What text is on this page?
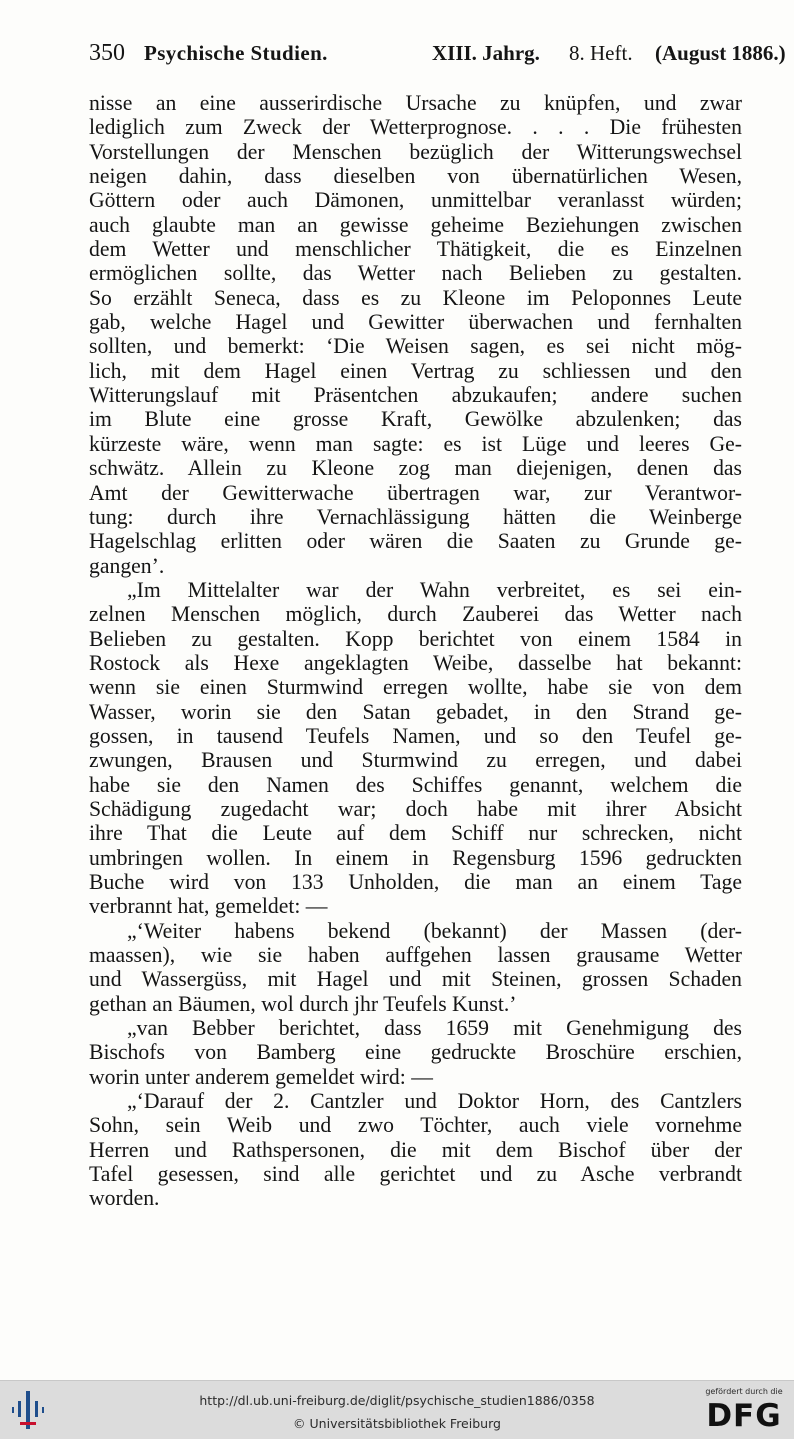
350 Psychische Studien.	XIII. Jahrg. 8. Heft. (August 1886.)
nisse an eine ausserirdische Ursache zu knüpfen, und zwar
lediglich zum Zweck der Wetterprognose. . . . Die frühesten
Vorstellungen der Menschen bezüglich der Witterungswechsel
neigen dahin, dass dieselben von übernatürlichen Wesen,
Göttern oder auch Dämonen, unmittelbar veranlasst würden;
auch glaubte man an gewisse geheime Beziehungen zwischen
dem Wetter und menschlicher Thätigkeit, die es Einzelnen
ermöglichen sollte, das Wetter nach Belieben zu gestalten.
So erzählt Seneca, dass es zu Kleone im Peloponnes Leute
gab, welche Hagel und Gewitter überwachen und fernhalten
sollten, und bemerkt: ‘Die Weisen sagen, es sei nicht mög-
lich, mit dem Hagel einen Vertrag zu schliessen und den
Witterungslauf mit Präsentchen abzukaufen; andere suchen
im Blute eine grosse Kraft, Gewölke abzulenken; das
kürzeste wäre, wenn man sagte: es ist Lüge und leeres Ge-
schwätz. Allein zu Kleone zog man diejenigen, denen das
Amt der Gewitterwache übertragen war, zur Verantwor-
tung: durch ihre Vernachlässigung hätten die Weinberge
Hagelschlag erlitten oder wären die Saaten zu Grunde ge-
gangen’.
„Im Mittelalter war der Wahn verbreitet, es sei ein-
zelnen Menschen möglich, durch Zauberei das Wetter nach
Belieben zu gestalten. Kopp berichtet von einem 1584 in
Rostock als Hexe angeklagten Weibe, dasselbe hat bekannt:
wenn sie einen Sturmwind erregen wollte, habe sie von dem
Wasser, worin sie den Satan gebadet, in den Strand ge-
gossen, in tausend Teufels Namen, und so den Teufel ge-
zwungen, Brausen und Sturmwind zu erregen, und dabei
habe sie den Namen des Schiffes genannt, welchem die
Schädigung zugedacht war; doch habe mit ihrer Absicht
ihre That die Leute auf dem Schiff nur schrecken, nicht
umbringen wollen. In einem in Regensburg 1596 gedruckten
Buche wird von 133 Unholden, die man an einem Tage
verbrannt hat, gemeldet: —
„‘Weiter habens bekend (bekannt) der Massen (der-
maassen), wie sie haben auffgehen lassen grausame Wetter
und Wassergüss, mit Hagel und mit Steinen, grossen Schaden
gethan an Bäumen, wol durch jhr Teufels Kunst.’
„van Bebber berichtet, dass 1659 mit Genehmigung des
Bischofs von Bamberg eine gedruckte Broschüre erschien,
worin unter anderem gemeldet wird: —
„‘Darauf der 2. Cantzler und Doktor Horn, des Cantzlers
Sohn, sein Weib und zwo Töchter, auch viele vornehme
Herren und Rathspersonen, die mit dem Bischof über der
Tafel gesessen, sind alle gerichtet und zu Asche verbrandt
worden.
http://dl.ub.uni-freiburg.de/diglit/psychische_studien1886/0358
© Universitätsbibliothek Freiburg
gefördert durch die
DFG
